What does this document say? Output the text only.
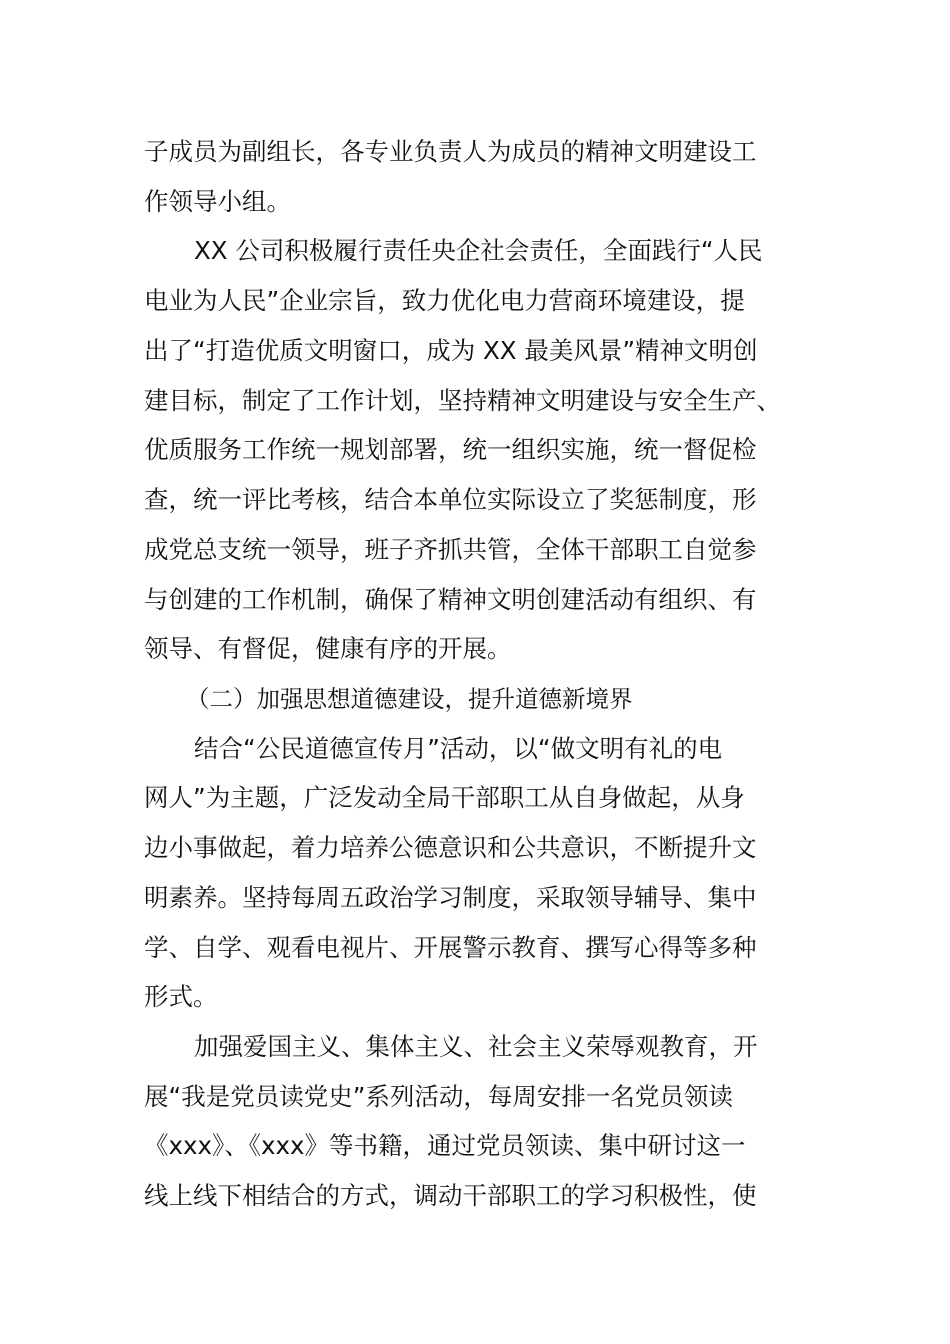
子成员为副组长，各专业负责人为成员的精神文明建设工
作领导小组。
XX 公司积极履行责任央企社会责任，全面践行“人民
电业为人民”企业宗旨，致力优化电力营商环境建设，提
出了“打造优质文明窗口，成为 XX 最美风景”精神文明创
建目标，制定了工作计划，坚持精神文明建设与安全生产、
优质服务工作统一规划部署，统一组织实施，统一督促检
查，统一评比考核，结合本单位实际设立了奖惩制度，形
成党总支统一领导，班子齐抓共管，全体干部职工自觉参
与创建的工作机制，确保了精神文明创建活动有组织、有
领导、有督促，健康有序的开展。
（二）加强思想道德建设，提升道德新境界
结合“公民道德宣传月”活动，以“做文明有礼的电
网人”为主题，广泛发动全局干部职工从自身做起，从身
边小事做起，着力培养公德意识和公共意识，不断提升文
明素养。坚持每周五政治学习制度，采取领导辅导、集中
学、自学、观看电视片、开展警示教育、撰写心得等多种
形式。
加强爱国主义、集体主义、社会主义荣辱观教育，开
展“我是党员读党史”系列活动，每周安排一名党员领读
《xxx》、《xxx》等书籍，通过党员领读、集中研讨这一
线上线下相结合的方式，调动干部职工的学习积极性，使
